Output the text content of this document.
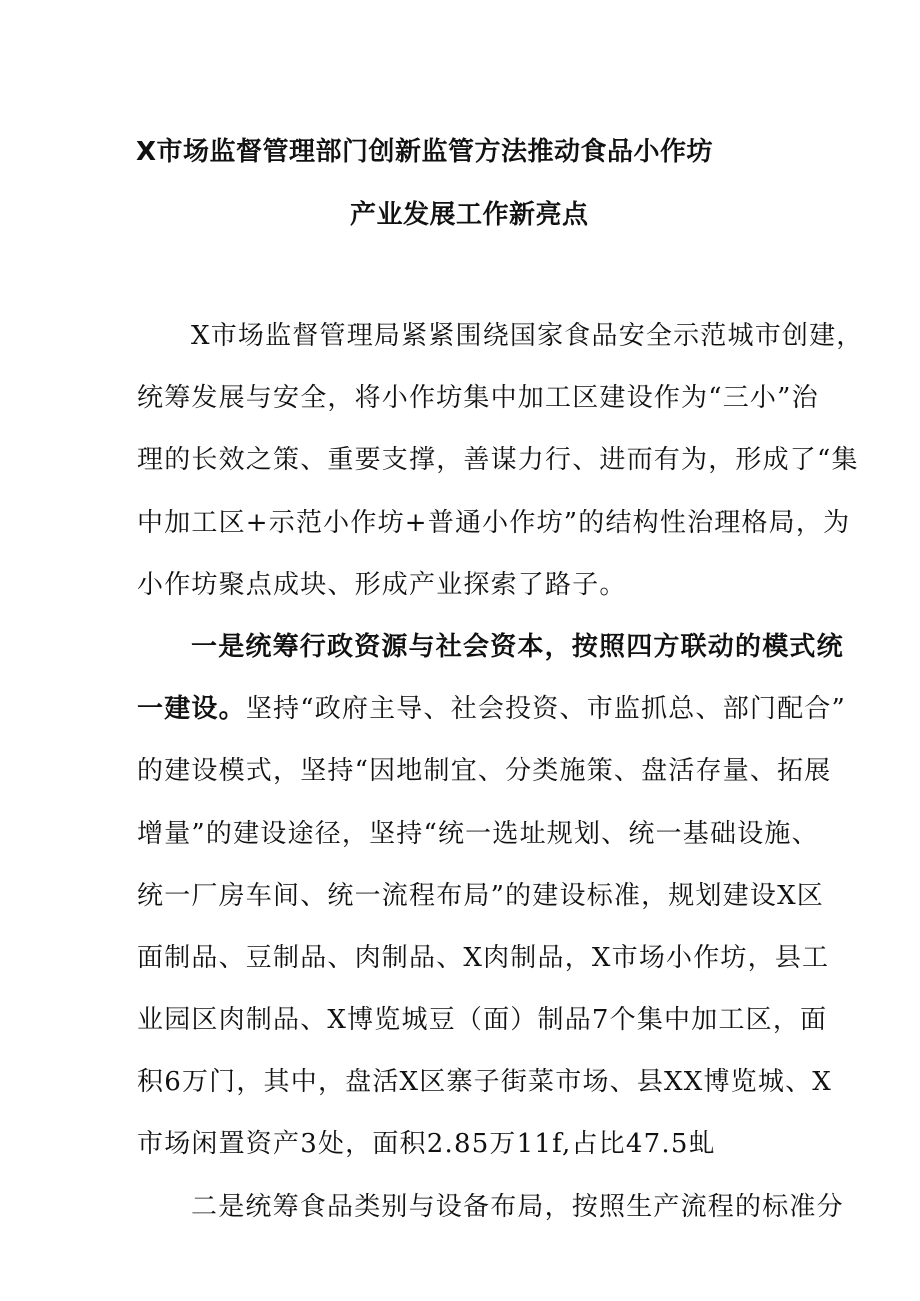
X市场监督管理部门创新监管方法推动食品小作坊
产业发展工作新亮点
X市场监督管理局紧紧围绕国家食品安全示范城市创建，
统筹发展与安全，将小作坊集中加工区建设作为“三小”治
理的长效之策、重要支撑，善谋力行、进而有为，形成了“集
中加工区+示范小作坊+普通小作坊”的结构性治理格局，为
小作坊聚点成块、形成产业探索了路子。
一是统筹行政资源与社会资本，按照四方联动的模式统
一建设。坚持“政府主导、社会投资、市监抓总、部门配合”
的建设模式，坚持“因地制宜、分类施策、盘活存量、拓展
增量”的建设途径，坚持“统一选址规划、统一基础设施、
统一厂房车间、统一流程布局”的建设标准，规划建设X区
面制品、豆制品、肉制品、X肉制品，X市场小作坊，县工
业园区肉制品、X博览城豆（面）制品7个集中加工区，面
积6万门，其中，盘活X区寨子街菜市场、县XX博览城、X
市场闲置资产3处，面积2.85万11f,占比47.5虬
二是统筹食品类别与设备布局，按照生产流程的标准分
